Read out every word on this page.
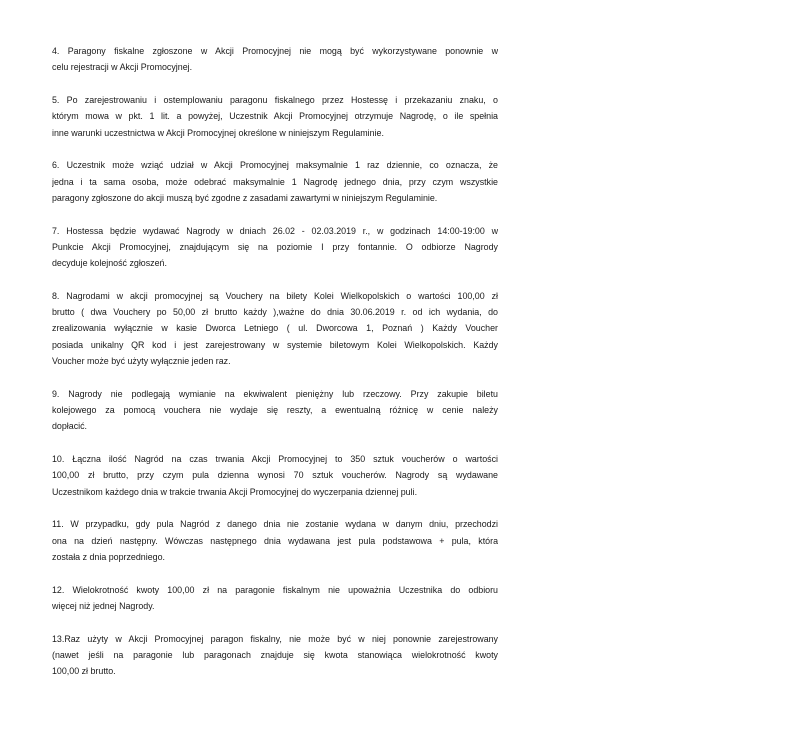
4. Paragony fiskalne zgłoszone w Akcji Promocyjnej nie mogą być wykorzystywane ponownie w
celu rejestracji w Akcji Promocyjnej.
5. Po zarejestrowaniu i ostemplowaniu paragonu fiskalnego przez Hostessę i przekazaniu znaku, o
którym mowa w pkt. 1 lit. a powyżej, Uczestnik Akcji Promocyjnej otrzymuje Nagrodę, o ile spełnia
inne warunki uczestnictwa w Akcji Promocyjnej określone w niniejszym Regulaminie.
6. Uczestnik może wziąć udział w Akcji Promocyjnej maksymalnie 1 raz dziennie, co oznacza, że
jedna i ta sama osoba, może odebrać maksymalnie 1 Nagrodę jednego dnia, przy czym wszystkie
paragony zgłoszone do akcji muszą być zgodne z zasadami zawartymi w niniejszym Regulaminie.
7. Hostessa będzie wydawać Nagrody w dniach 26.02 - 02.03.2019 r., w godzinach 14:00-19:00 w
Punkcie Akcji Promocyjnej, znajdującym się na poziomie I przy fontannie. O odbiorze Nagrody
decyduje kolejność zgłoszeń.
8. Nagrodami w akcji promocyjnej są Vouchery na bilety Kolei Wielkopolskich o wartości 100,00 zł
brutto ( dwa Vouchery po 50,00 zł brutto każdy ),ważne do dnia 30.06.2019 r. od ich wydania, do
zrealizowania wyłącznie w kasie Dworca Letniego ( ul. Dworcowa 1, Poznań ) Każdy Voucher
posiada unikalny QR kod i jest zarejestrowany w systemie biletowym Kolei Wielkopolskich. Każdy
Voucher może być użyty wyłącznie jeden raz.
9. Nagrody nie podlegają wymianie na ekwiwalent pieniężny lub rzeczowy. Przy zakupie biletu
kolejowego za pomocą vouchera nie wydaje się reszty, a ewentualną różnicę w cenie należy
dopłacić.
10. Łączna ilość Nagród na czas trwania Akcji Promocyjnej to 350 sztuk voucherów o wartości
100,00 zł brutto, przy czym pula dzienna wynosi 70 sztuk voucherów. Nagrody są wydawane
Uczestnikom każdego dnia w trakcie trwania Akcji Promocyjnej do wyczerpania dziennej puli.
11. W przypadku, gdy pula Nagród z danego dnia nie zostanie wydana w danym dniu, przechodzi
ona na dzień następny. Wówczas następnego dnia wydawana jest pula podstawowa + pula, która
została z dnia poprzedniego.
12. Wielokrotność kwoty 100,00 zł na paragonie fiskalnym nie upoważnia Uczestnika do odbioru
więcej niż jednej Nagrody.
13.Raz użyty w Akcji Promocyjnej paragon fiskalny, nie może być w niej ponownie zarejestrowany
(nawet jeśli na paragonie lub paragonach znajduje się kwota stanowiąca wielokrotność kwoty
100,00 zł brutto.
